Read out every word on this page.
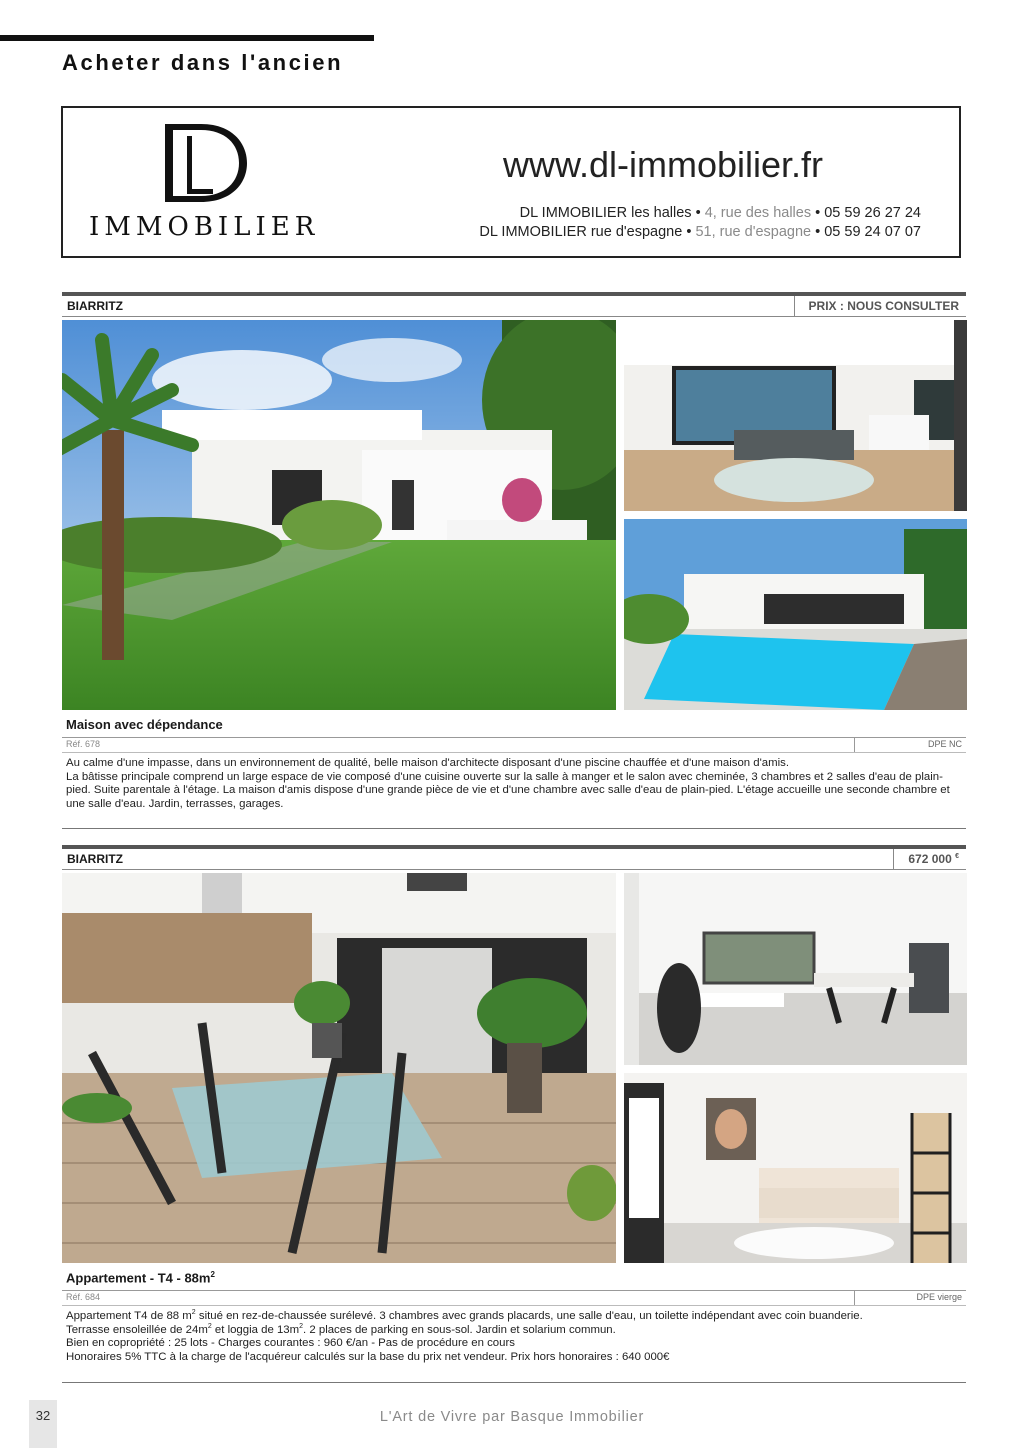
Acheter dans l'ancien
IMMOBILIER
www.dl-immobilier.fr
DL IMMOBILIER les halles • 4, rue des halles • 05 59 26 27 24
DL IMMOBILIER rue d'espagne • 51, rue d'espagne • 05 59 24 07 07
BIARRITZ	PRIX : NOUS CONSULTER
Maison avec dépendance
Réf. 678	DPE NC

Au calme d'une impasse, dans un environnement de qualité, belle maison d'architecte disposant d'une piscine chauffée et d'une maison d'amis.

La bâtisse principale comprend un large espace de vie composé d'une cuisine ouverte sur la salle à manger et le salon avec cheminée, 3 chambres et 2 salles d'eau de plain-pied. Suite parentale à l'étage. La maison d'amis dispose d'une grande pièce de vie et d'une chambre avec salle d'eau de plain-pied. L'étage accueille une seconde chambre et une salle d'eau. Jardin, terrasses, garages.

BIARRITZ	672 000 €
Appartement - $T4 - 88m^2$
Réf. 684	DPE vierge

Appartement T4 de 88 $m^2$ situé en rez-de-chaussée surélevé. 3 chambres avec grands placards, une salle d'eau, un toilette indépendant avec coin buanderie.

Terrasse ensoleillée de $24m^2$ et loggia de $13m^2$. 2 places de parking en sous-sol. Jardin et solarium commun.

Bien en copropriété : 25 lots - Charges courantes : 960 €/an - Pas de procédure en cours

Honoraires 5% TTC à la charge de l'acquéreur calculés sur la base du prix net vendeur. Prix hors honoraires : 640 000€

32	L'Art de Vivre par Basque Immobilier
